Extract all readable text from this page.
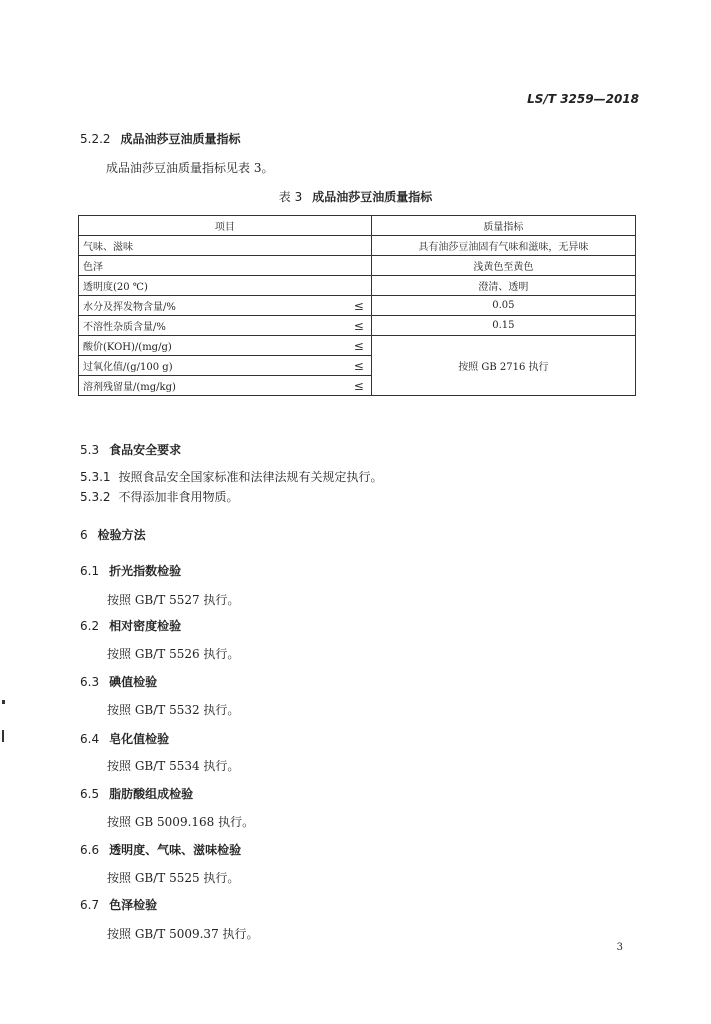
LS/T 3259—2018
5.2.2 成品油莎豆油质量指标
成品油莎豆油质量指标见表 3。
表 3 成品油莎豆油质量指标
项目		质量指标
气味、滋味		具有油莎豆油固有气味和滋味，无异味
色泽		浅黄色至黄色
透明度(20 ℃)		澄清、透明
水分及挥发物含量/%	≤	0.05
不溶性杂质含量/%	≤	0.15
酸价(KOH)/(mg/g)	≤	按照 GB 2716 执行
过氧化值/(g/100 g)	≤	
溶剂残留量/(mg/kg)	≤	
5.3 食品安全要求
5.3.1 按照食品安全国家标准和法律法规有关规定执行。
5.3.2 不得添加非食用物质。
6 检验方法
6.1 折光指数检验
按照 GB/T 5527 执行。
6.2 相对密度检验
按照 GB/T 5526 执行。
6.3 碘值检验
按照 GB/T 5532 执行。
6.4 皂化值检验
按照 GB/T 5534 执行。
6.5 脂肪酸组成检验
按照 GB 5009.168 执行。
6.6 透明度、气味、滋味检验
按照 GB/T 5525 执行。
6.7 色泽检验
按照 GB/T 5009.37 执行。
3
